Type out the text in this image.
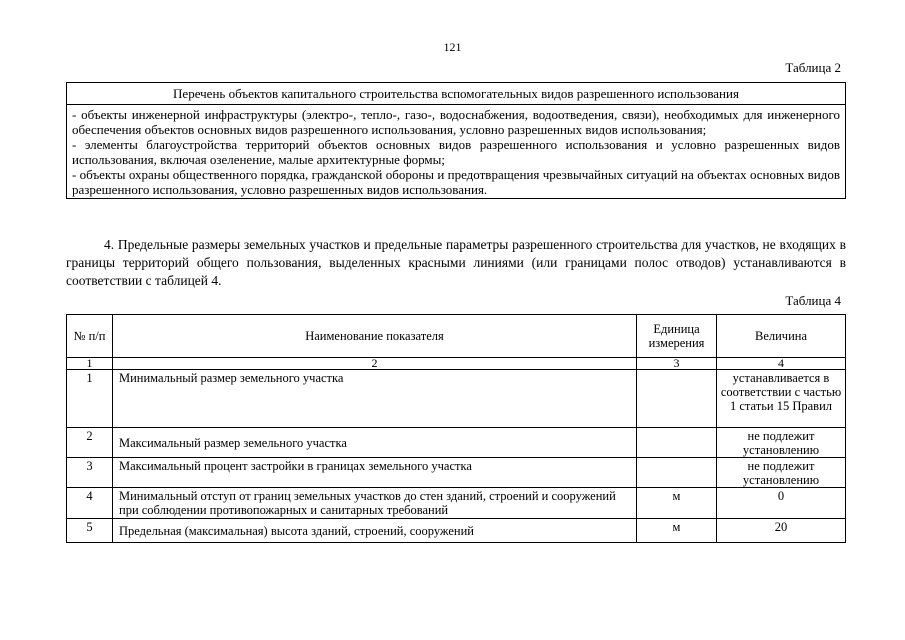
121
Таблица 2
Перечень объектов капитального строительства вспомогательных видов разрешенного использования

- объекты инженерной инфраструктуры (электро-, тепло-, газо-, водоснабжения, водоотведения, связи), необходимых для инженерного обеспечения объектов основных видов разрешенного использования, условно разрешенных видов использования;
- элементы благоустройства территорий объектов основных видов разрешенного использования и условно разрешенных видов использования, включая озеленение, малые архитектурные формы;
- объекты охраны общественного порядка, гражданской обороны и предотвращения чрезвычайных ситуаций на объектах основных видов разрешенного использования, условно разрешенных видов использования.

4. Предельные размеры земельных участков и предельные параметры разрешенного строительства для участков, не входящих в границы территорий общего пользования, выделенных красными линиями (или границами полос отводов) устанавливаются в соответствии с таблицей 4.

Таблица 4
№ п/п	Наименование показателя	Единица измерения	Величина
1	2	3	4
1	Минимальный размер земельного участка		устанавливается в соответствии с частью 1 статьи 15 Правил
2	Максимальный размер земельного участка		не подлежит установлению
3	Максимальный процент застройки в границах земельного участка		не подлежит установлению
4	Минимальный отступ от границ земельных участков до стен зданий, строений и сооружений при соблюдении противопожарных и санитарных требований	м	0
5	Предельная (максимальная) высота зданий, строений, сооружений	м	20
